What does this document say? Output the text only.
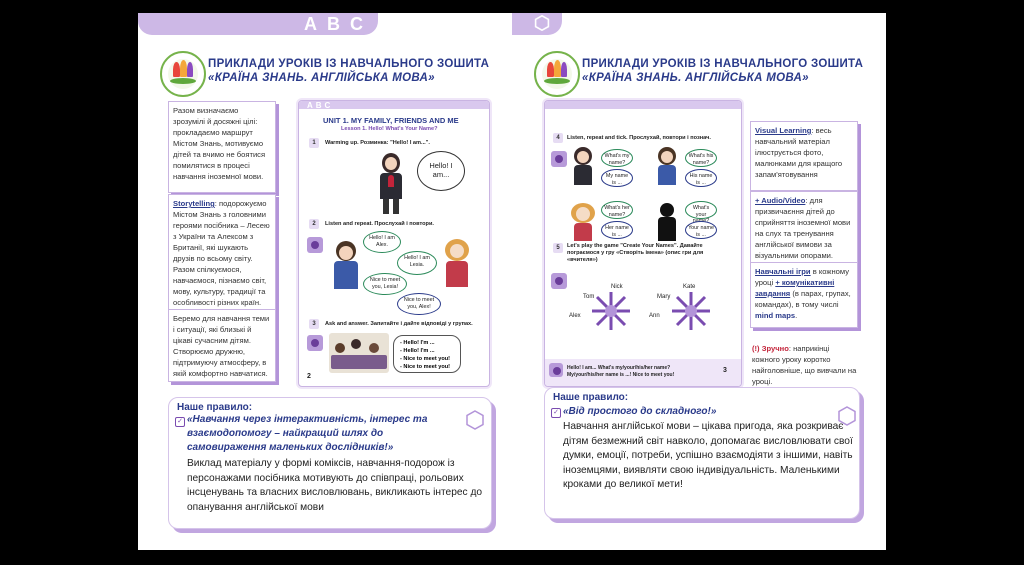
ABC
ПРИКЛАДИ УРОКІВ ІЗ НАВЧАЛЬНОГО ЗОШИТА
«КРАЇНА ЗНАНЬ. АНГЛІЙСЬКА МОВА»
Разом визначаємо зрозумілі й досяжні цілі: прокладаємо маршрут Містом Знань, мотивуємо дітей та вчимо не боятися помилятися в процесі навчання іноземної мови.
Storytelling: подорожуємо Містом Знань з головними героями посібника – Лесею з України та Алексом з Британії, які шукають друзів по всьому світу. Разом спілкуємося, навчаємося, пізнаємо світ, мову, культуру, традиції та особливості різних країн.
Беремо для навчання теми і ситуації, які близькі й цікаві сучасним дітям. Створюємо дружню, підтримуючу атмосферу, в якій комфортно навчатися.
ABC
UNIT 1. MY FAMILY, FRIENDS AND ME
Lesson 1. Hello! What's Your Name?
1	Warming up. Розминка: "Hello! I am...".
Hello! I am...
2	Listen and repeat. Прослухай і повтори.
Hello! I am Alex.
Hello! I am Lesia.
Nice to meet you, Lesia!
Nice to meet you, Alex!
3	Ask and answer. Запитайте і дайте відповіді у групах.
- Hello! I'm ...
- Hello! I'm ...
- Nice to meet you!
- Nice to meet you!
2
Наше правило:
✓ «Навчання через інтерактивність, інтерес та взаємодопомогу – найкращий шлях до самовираження маленьких дослідників!»
Виклад матеріалу у формі коміксів, навчання-подорож із персонажами посібника мотивують до співпраці, рольових інсценувань та власних висловлювань, викликають інтерес до опанування англійської мови
ПРИКЛАДИ УРОКІВ ІЗ НАВЧАЛЬНОГО ЗОШИТА
«КРАЇНА ЗНАНЬ. АНГЛІЙСЬКА МОВА»
4	Listen, repeat and tick. Прослухай, повтори і познач.
What's my name?
My name is ...
What's his name?
His name is ...
What's her name?
Her name is ...
What's your
Your name is ...
5	Let's play the game "Create Your Names". Давайте пограємося у гру «Створіть імена» (опис гри для «вчителя»)
Nick
Tom
Alex
Kate
Mary
Ann
Hello! I am... What's my/your/his/her name?
My/your/his/her name is ...! Nice to meet you!
3
Visual Learning: весь навчальний матеріал ілюструється фото, малюнками для кращого запам'ятовування
+ Audio/Video: для призвичаєння дітей до сприйняття іноземної мови на слух та тренування англійської вимови за візуальними опорами.
Навчальні ігри в кожному уроці + комунікативні завдання (в парах, групах, командах), в тому числі mind maps.
(!) Зручно: наприкінці кожного уроку коротко найголовніше, що вивчали на уроці.
Наше правило:
✓ «Від простого до складного!»
Навчання англійської мови – цікава пригода, яка розкриває дітям безмежний світ навколо, допомагає висловлювати свої думки, емоції, потреби, успішно взаємодіяти з іншими, навіть іноземцями, виявляти свою індивідуальність. Маленькими кроками до великої мети!
